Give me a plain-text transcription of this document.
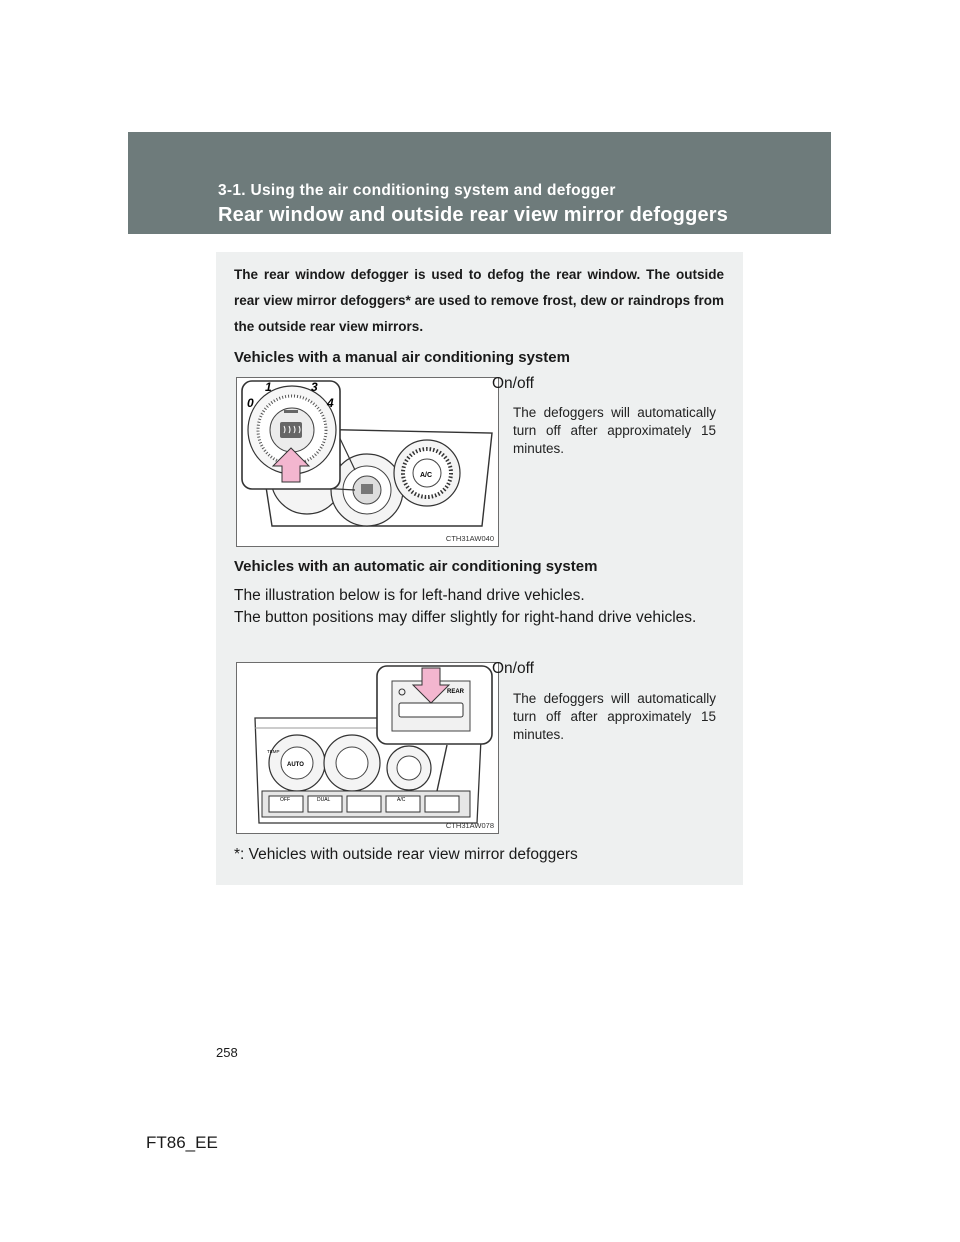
3-1. Using the air conditioning system and defogger

Rear window and outside rear view mirror defoggers

The rear window defogger is used to defog the rear window. The outside rear view mirror defoggers* are used to remove frost, dew or raindrops from the outside rear view mirrors.

Vehicles with a manual air conditioning system

A/C
0
1	3
4
CTH31AW040

On/off

The defoggers will automatically turn off after approximately 15 minutes.

Vehicles with an automatic air conditioning system

The illustration below is for left-hand drive vehicles.

The button positions may differ slightly for right-hand drive vehicles.

AUTO
TEMP
OFF	DUAL	A/C
REAR
CTH31AW078

On/off

The defoggers will automatically turn off after approximately 15 minutes.

*: Vehicles with outside rear view mirror defoggers

258
FT86_EE
